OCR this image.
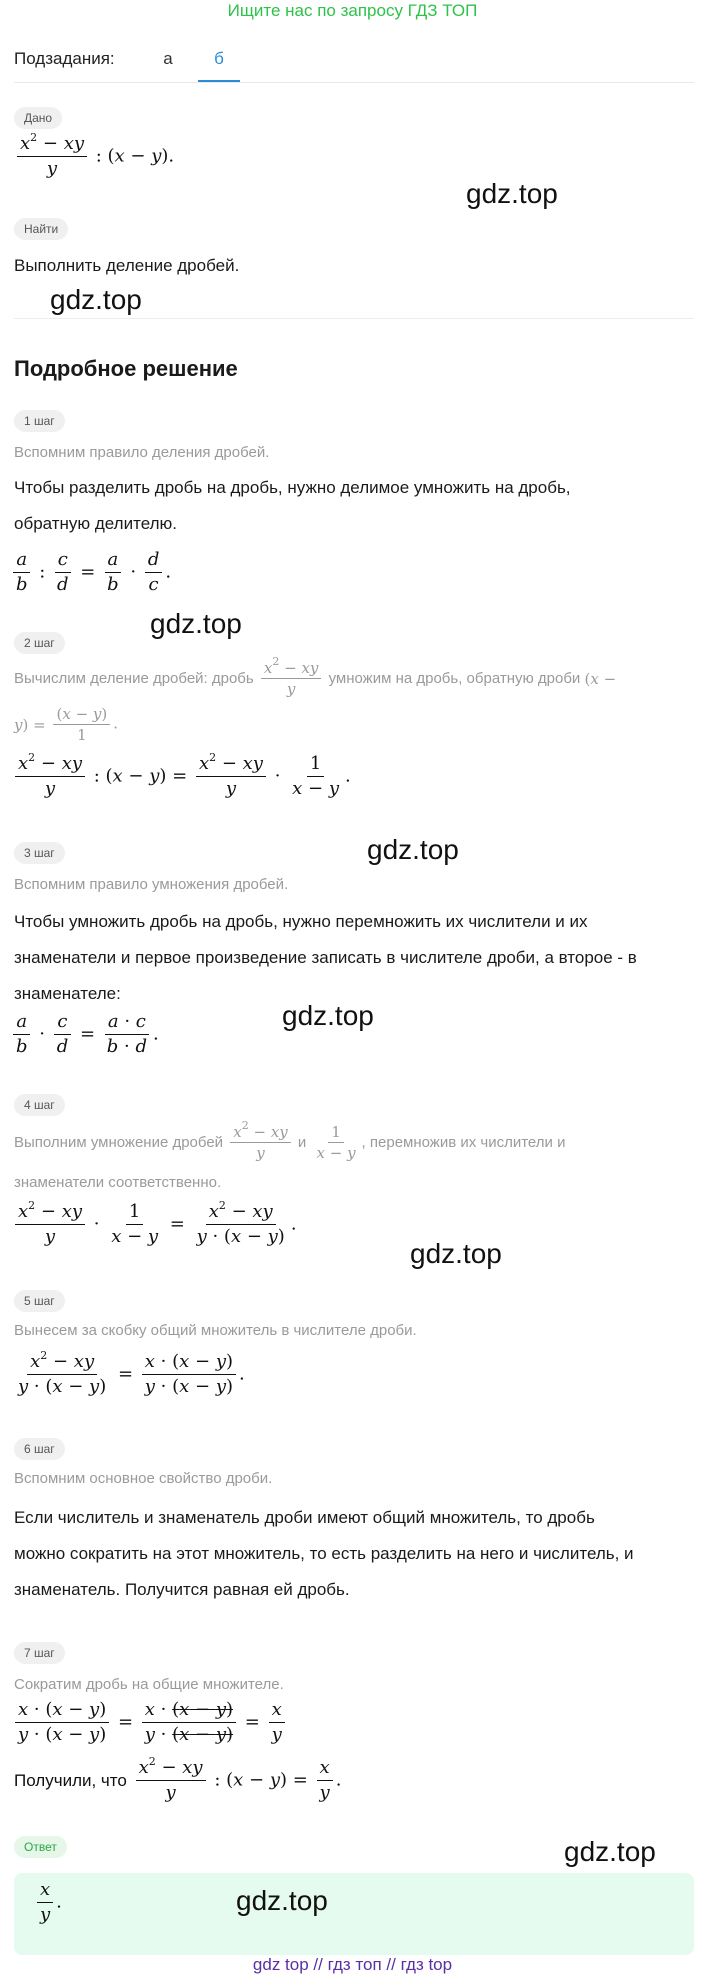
Ищите нас по запросу ГДЗ ТОП
Подзадания:	а	б
Дано
$\frac{x^2 - xy}{y}$ : (x − y).
gdz.top
Найти
Выполнить деление дробей.
gdz.top
Подробное решение
1 шаг
Вспомним правило деления дробей.
Чтобы разделить дробь на дробь, нужно делимое умножить на дробь,
обратную делителю.
$\frac{a}{b}$ : $\frac{c}{d} = \frac{a}{b} \cdot \frac{d}{c}$ .
gdz.top
2 шаг
Вычислим деление дробей: дробь $\frac{x^2 - xy}{y}$ умножим на дробь, обратную дроби (x −
$y) = \frac{(x - y)}{1}$ .
$\frac{x^2 - xy}{y}$ : $(x - y) = \frac{x^2 - xy}{y} \cdot \frac{1}{x - y}$ .
gdz.top
3 шаг
Вспомним правило умножения дробей.
Чтобы умножить дробь на дробь, нужно перемножить их числители и их
знаменатели и первое произведение записать в числителе дроби, а второе - в
знаменателе:
$\frac{a}{b} \cdot \frac{c}{d} = \frac{a \cdot c}{b \cdot d}$ .
gdz.top
4 шаг
Выполним умножение дробей $\frac{x^2 - xy}{y}$ и $\frac{1}{x - y}$ , перемножив их числители и
знаменатели соответственно.
$\frac{x^2 - xy}{y} \cdot \frac{1}{x - y} = \frac{x^2 - xy}{y \cdot (x - y)}$ .
gdz.top
5 шаг
Вынесем за скобку общий множитель в числителе дроби.
$\frac{x^2 - xy}{y \cdot (x - y)} = \frac{x \cdot (x - y)}{y \cdot (x - y)}$ .
6 шаг
Вспомним основное свойство дроби.
Если числитель и знаменатель дроби имеют общий множитель, то дробь
можно сократить на этот множитель, то есть разделить на него и числитель, и
знаменатель. Получится равная ей дробь.
7 шаг
Сократим дробь на общие множителе.
$\frac{x \cdot (x - y)}{y \cdot (x - y)} = \frac{x \cdot (x - y)}{y \cdot (x - y)} = \frac{x}{y}$
Получили, что $\frac{x^2 - xy}{y}$ : $(x - y) = \frac{x}{y}$ .
Ответ	gdz.top
$\frac{x}{y}$ .	gdz.top
gdz top // гдз топ // гдз top
